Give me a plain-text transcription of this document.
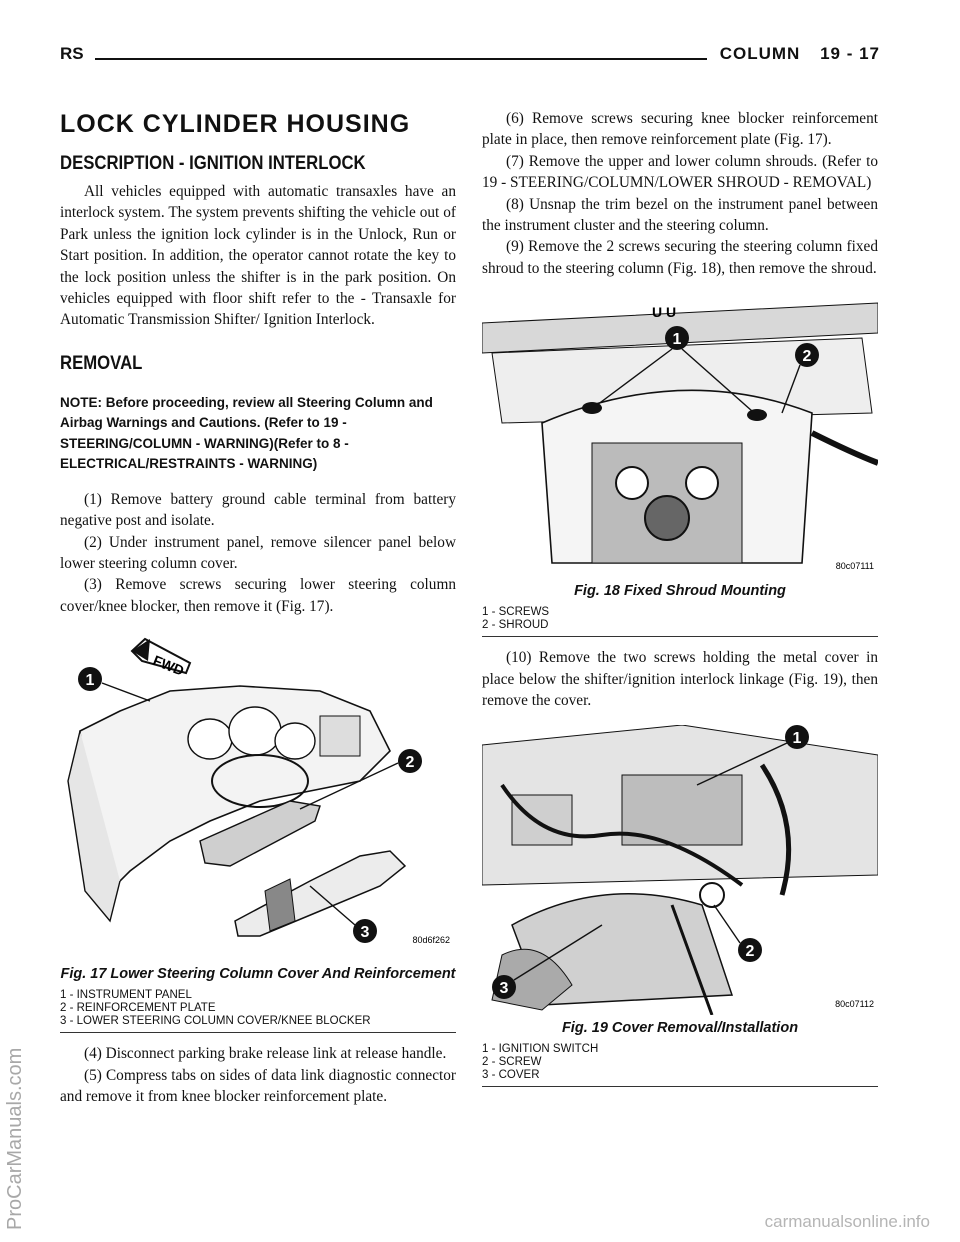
RS	COLUMN 19 - 17
LOCK CYLINDER HOUSING
DESCRIPTION - IGNITION INTERLOCK

All vehicles equipped with automatic transaxles have an interlock system. The system prevents shifting the vehicle out of Park unless the ignition lock cylinder is in the Unlock, Run or Start position. In addition, the operator cannot rotate the key to the lock position unless the shifter is in the park position. On vehicles equipped with floor shift refer to the - Transaxle for Automatic Transmission Shifter/ Ignition Interlock.

REMOVAL

NOTE: Before proceeding, review all Steering Column and Airbag Warnings and Cautions. (Refer to 19 - STEERING/COLUMN - WARNING)(Refer to 8 - ELECTRICAL/RESTRAINTS - WARNING)

(1) Remove battery ground cable terminal from battery negative post and isolate.

(2) Under instrument panel, remove silencer panel below lower steering column cover.

(3) Remove screws securing lower steering column cover/knee blocker, then remove it (Fig. 17).

FWD
1
2
3	80d6f262
Fig. 17 Lower Steering Column Cover And Reinforcement
1 - INSTRUMENT PANEL
2 - REINFORCEMENT PLATE
3 - LOWER STEERING COLUMN COVER/KNEE BLOCKER

(4) Disconnect parking brake release link at release handle.

(5) Compress tabs on sides of data link diagnostic connector and remove it from knee blocker reinforcement plate.

(6) Remove screws securing knee blocker reinforcement plate in place, then remove reinforcement plate (Fig. 17).

(7) Remove the upper and lower column shrouds. (Refer to 19 - STEERING/COLUMN/LOWER SHROUD - REMOVAL)

(8) Unsnap the trim bezel on the instrument panel between the instrument cluster and the steering column.

(9) Remove the 2 screws securing the steering column fixed shroud to the steering column (Fig. 18), then remove the shroud.

U U
1
2
80c07111
Fig. 18 Fixed Shroud Mounting
1 - SCREWS
2 - SHROUD

(10) Remove the two screws holding the metal cover in place below the shifter/ignition interlock linkage (Fig. 19), then remove the cover.

1
2
3
80c07112
Fig. 19 Cover Removal/Installation
1 - IGNITION SWITCH
2 - SCREW
3 - COVER
ProCarManuals.com	carmanualsonline.info
